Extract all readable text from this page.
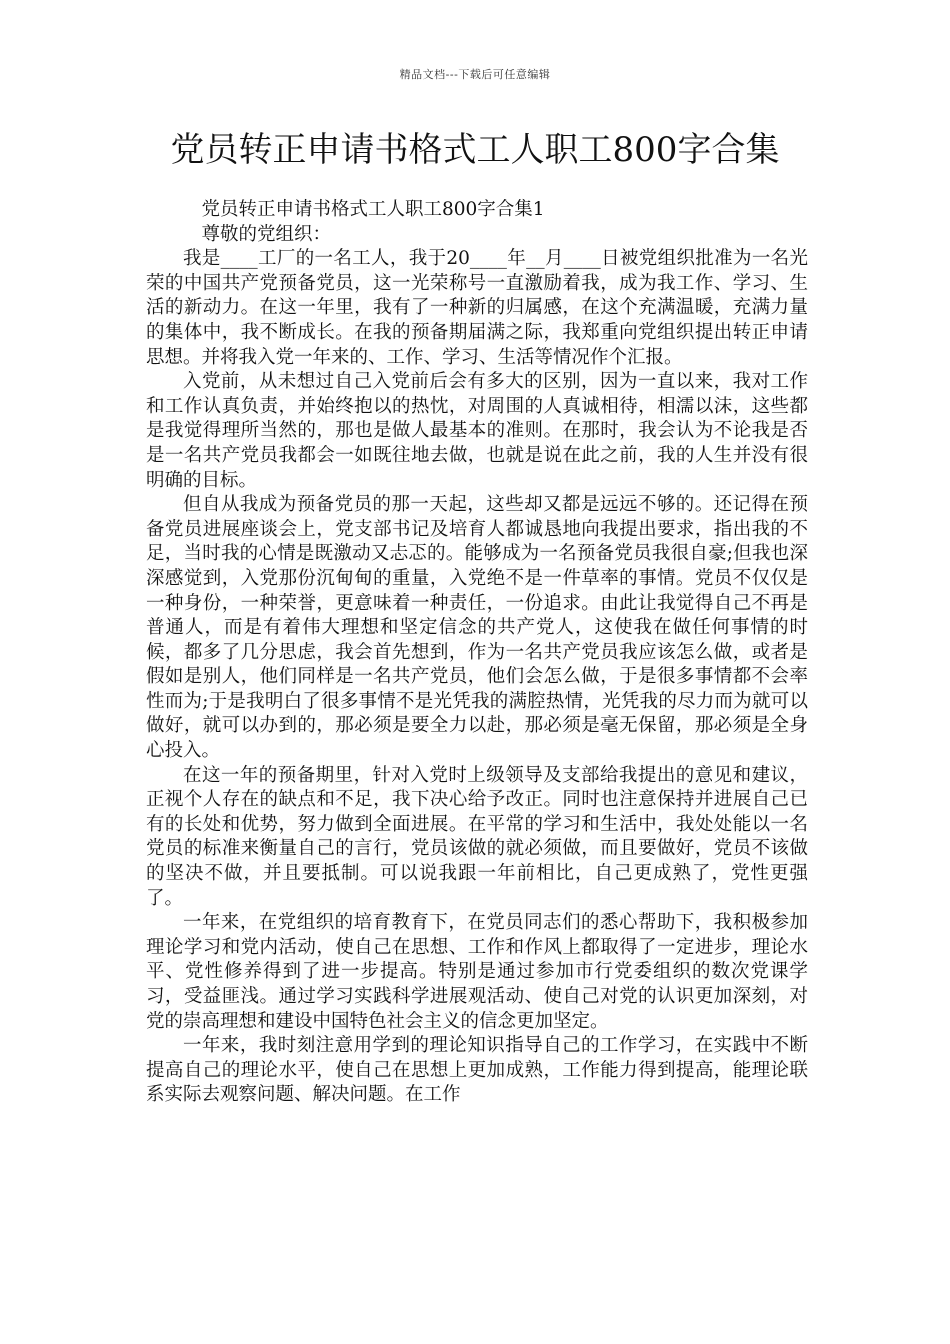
精品文档---下载后可任意编辑
党员转正申请书格式工人职工800字合集

党员转正申请书格式工人职工800字合集1

尊敬的党组织：

我是____工厂的一名工人，我于20____年__月____日被党组织批准为一名光荣的中国共产党预备党员，这一光荣称号一直激励着我，成为我工作、学习、生活的新动力。在这一年里，我有了一种新的归属感，在这个充满温暖，充满力量的集体中，我不断成长。在我的预备期届满之际，我郑重向党组织提出转正申请思想。并将我入党一年来的、工作、学习、生活等情况作个汇报。

入党前，从未想过自己入党前后会有多大的区别，因为一直以来，我对工作和工作认真负责，并始终抱以的热忱，对周围的人真诚相待，相濡以沫，这些都是我觉得理所当然的，那也是做人最基本的准则。在那时，我会认为不论我是否是一名共产党员我都会一如既往地去做，也就是说在此之前，我的人生并没有很明确的目标。

但自从我成为预备党员的那一天起，这些却又都是远远不够的。还记得在预备党员进展座谈会上，党支部书记及培育人都诚恳地向我提出要求，指出我的不足，当时我的心情是既激动又忐忑的。能够成为一名预备党员我很自豪;但我也深深感觉到，入党那份沉甸甸的重量，入党绝不是一件草率的事情。党员不仅仅是一种身份，一种荣誉，更意味着一种责任，一份追求。由此让我觉得自己不再是普通人，而是有着伟大理想和坚定信念的共产党人，这使我在做任何事情的时候，都多了几分思虑，我会首先想到，作为一名共产党员我应该怎么做，或者是假如是别人，他们同样是一名共产党员，他们会怎么做，于是很多事情都不会率性而为;于是我明白了很多事情不是光凭我的满腔热情，光凭我的尽力而为就可以做好，就可以办到的，那必须是要全力以赴，那必须是毫无保留，那必须是全身心投入。

在这一年的预备期里，针对入党时上级领导及支部给我提出的意见和建议，正视个人存在的缺点和不足，我下决心给予改正。同时也注意保持并进展自己已有的长处和优势，努力做到全面进展。在平常的学习和生活中，我处处能以一名党员的标准来衡量自己的言行，党员该做的就必须做，而且要做好，党员不该做的坚决不做，并且要抵制。可以说我跟一年前相比，自己更成熟了，党性更强了。

一年来，在党组织的培育教育下，在党员同志们的悉心帮助下，我积极参加理论学习和党内活动，使自己在思想、工作和作风上都取得了一定进步，理论水平、党性修养得到了进一步提高。特别是通过参加市行党委组织的数次党课学习，受益匪浅。通过学习实践科学进展观活动、使自己对党的认识更加深刻，对党的崇高理想和建设中国特色社会主义的信念更加坚定。

一年来，我时刻注意用学到的理论知识指导自己的工作学习，在实践中不断提高自己的理论水平，使自己在思想上更加成熟，工作能力得到提高，能理论联系实际去观察问题、解决问题。在工作
